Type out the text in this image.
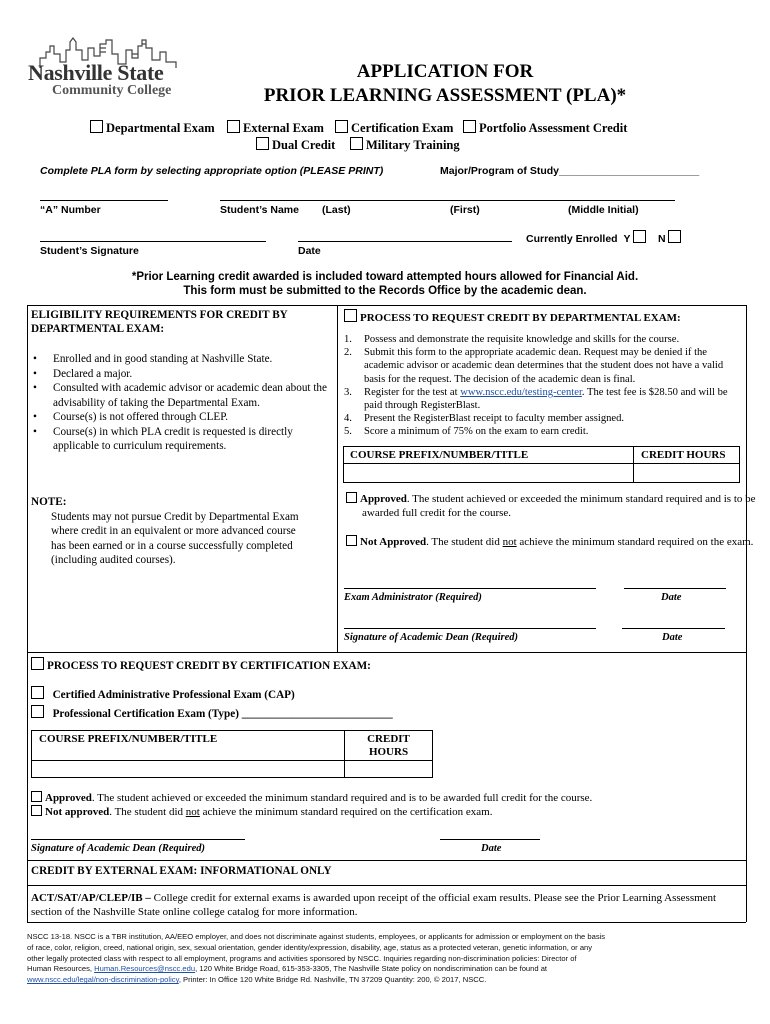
Nashville State
Community College
APPLICATION FOR
PRIOR LEARNING ASSESSMENT (PLA)*
Departmental Exam	External Exam	Certification Exam	Portfolio Assessment Credit
Dual Credit	Military Training
Complete PLA form by selecting appropriate option (PLEASE PRINT)	Major/Program of Study________________________
“A” Number	Student’s Name (Last)	(First)	(Middle Initial)
Currently Enrolled Y	N
Student’s Signature	Date
*Prior Learning credit awarded is included toward attempted hours allowed for Financial Aid.
This form must be submitted to the Records Office by the academic dean.
ELIGIBILITY REQUIREMENTS FOR CREDIT BY DEPARTMENTAL EXAM:
• Enrolled and in good standing at Nashville State.
• Declared a major.
• Consulted with academic advisor or academic dean about the advisability of taking the Departmental Exam.
• Course(s) is not offered through CLEP.
• Course(s) in which PLA credit is requested is directly applicable to curriculum requirements.
NOTE:
Students may not pursue Credit by Departmental Exam where credit in an equivalent or more advanced course has been earned or in a course successfully completed (including audited courses).
PROCESS TO REQUEST CREDIT BY DEPARTMENTAL EXAM:
1. Possess and demonstrate the requisite knowledge and skills for the course.
2. Submit this form to the appropriate academic dean. Request may be denied if the academic advisor or academic dean determines that the student does not have a valid basis for the request. The decision of the academic dean is final.
3. Register for the test at www.nscc.edu/testing-center. The test fee is $28.50 and will be paid through RegisterBlast.
4. Present the RegisterBlast receipt to faculty member assigned.
5. Score a minimum of 75% on the exam to earn credit.
COURSE PREFIX/NUMBER/TITLE	CREDIT HOURS
Approved. The student achieved or exceeded the minimum standard required and is to be awarded full credit for the course.
Not Approved. The student did not achieve the minimum standard required on the exam.
Exam Administrator (Required)	Date
Signature of Academic Dean (Required)	Date
PROCESS TO REQUEST CREDIT BY CERTIFICATION EXAM:
Certified Administrative Professional Exam (CAP)
Professional Certification Exam (Type) ___________________________
COURSE PREFIX/NUMBER/TITLE	CREDIT
HOURS
Approved. The student achieved or exceeded the minimum standard required and is to be awarded full credit for the course.
Not approved. The student did not achieve the minimum standard required on the certification exam.
Signature of Academic Dean (Required)	Date
CREDIT BY EXTERNAL EXAM: INFORMATIONAL ONLY
ACT/SAT/AP/CLEP/IB – College credit for external exams is awarded upon receipt of the official exam results. Please see the Prior Learning Assessment section of the Nashville State online college catalog for more information.
NSCC 13-18. NSCC is a TBR institution, AA/EEO employer, and does not discriminate against students, employees, or applicants for admission or employment on the basis
of race, color, religion, creed, national origin, sex, sexual orientation, gender identity/expression, disability, age, status as a protected veteran, genetic information, or any
other legally protected class with respect to all employment, programs and activities sponsored by NSCC. Inquiries regarding non-discrimination policies: Director of
Human Resources, Human.Resources@nscc.edu, 120 White Bridge Road, 615-353-3305, The Nashville State policy on nondiscrimination can be found at
www.nscc.edu/legal/non-discrimination-policy, Printer: In Office 120 White Bridge Rd. Nashville, TN 37209 Quantity: 200, © 2017, NSCC.
